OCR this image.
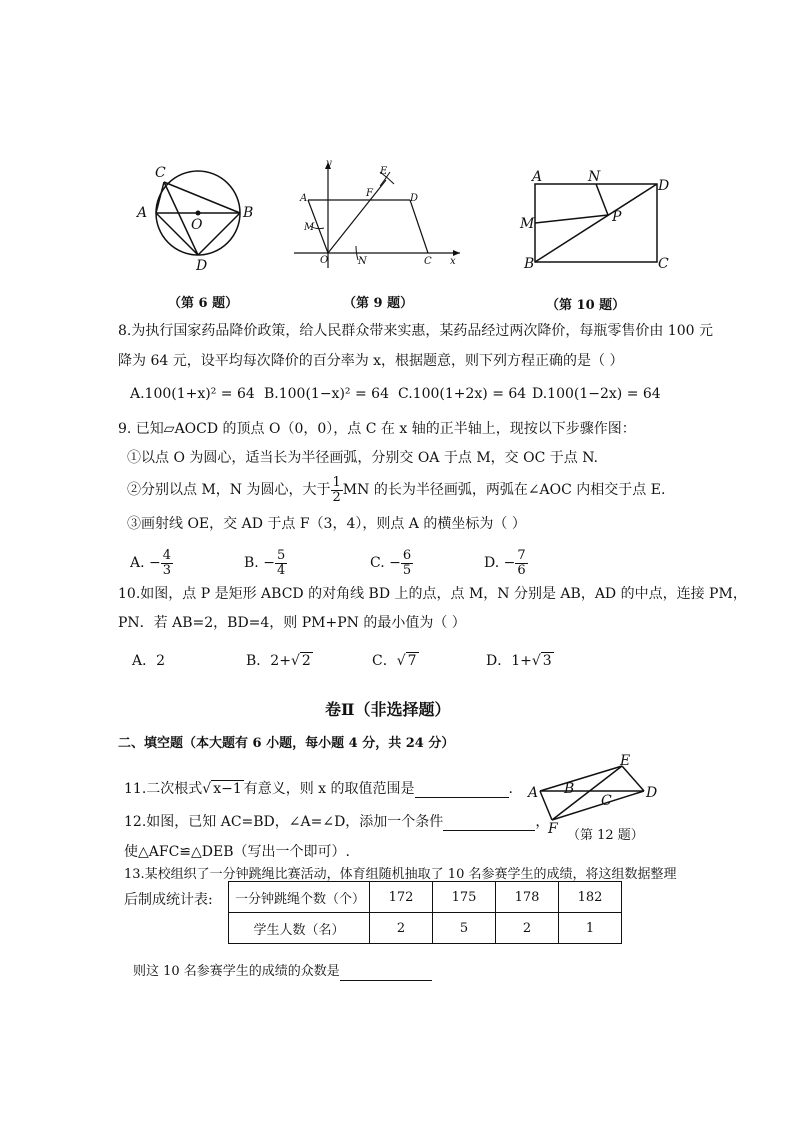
C
A
O
B
D
（第 6 题）
y
E
F	D
A
M
O	N	C x
（第 9 题）
A	N
D
M	P
B	C
（第 10 题）
8.为执行国家药品降价政策，给人民群众带来实惠，某药品经过两次降价，每瓶零售价由 100 元
降为 64 元，设平均每次降价的百分率为 x，根据题意，则下列方程正确的是（ ）
A.100(1+x)² = 64 B.100(1−x)² = 64 C.100(1+2x) = 64 D.100(1−2x) = 64
9. 已知▱AOCD 的顶点 O（0，0），点 C 在 x 轴的正半轴上，现按以下步骤作图：
①以点 O 为圆心，适当长为半径画弧，分别交 OA 于点 M，交 OC 于点 N.
②分别以点 M，N 为圆心，大于 $\frac{1}{2}$ MN 的长为半径画弧，两弧在∠AOC 内相交于点 E.
③画射线 OE，交 AD 于点 F（3，4），则点 A 的横坐标为（ ）
A. − $\frac{4}{3}$	B. − $\frac{5}{4}$	C. − $\frac{6}{5}$	D. − $\frac{7}{6}$
10.如图，点 P 是矩形 ABCD 的对角线 BD 上的点，点 M，N 分别是 AB，AD 的中点，连接 PM，
PN．若 AB=2，BD=4，则 PM+PN 的最小值为（ ）
A．2	B．2+√ 2	C．√ 7	D．1+√ 3
卷Ⅱ（非选择题）
二、填空题（本大题有 6 小题，每小题 4 分，共 24 分）
11.二次根式√ x−1 有意义，则 x 的取值范围是	. A B
C D
E
F （第 12 题）
12.如图，已知 AC=BD，∠A=∠D，添加一个条件	，
使△AFC≌△DEB（写出一个即可）.
13.某校组织了一分钟跳绳比赛活动，体育组随机抽取了 10 名参赛学生的成绩，将这组数据整理
后制成统计表: 一分钟跳绳个数（个）	172	175	178	182
学生人数（名）	2	5	2	1
则这 10 名参赛学生的成绩的众数是
